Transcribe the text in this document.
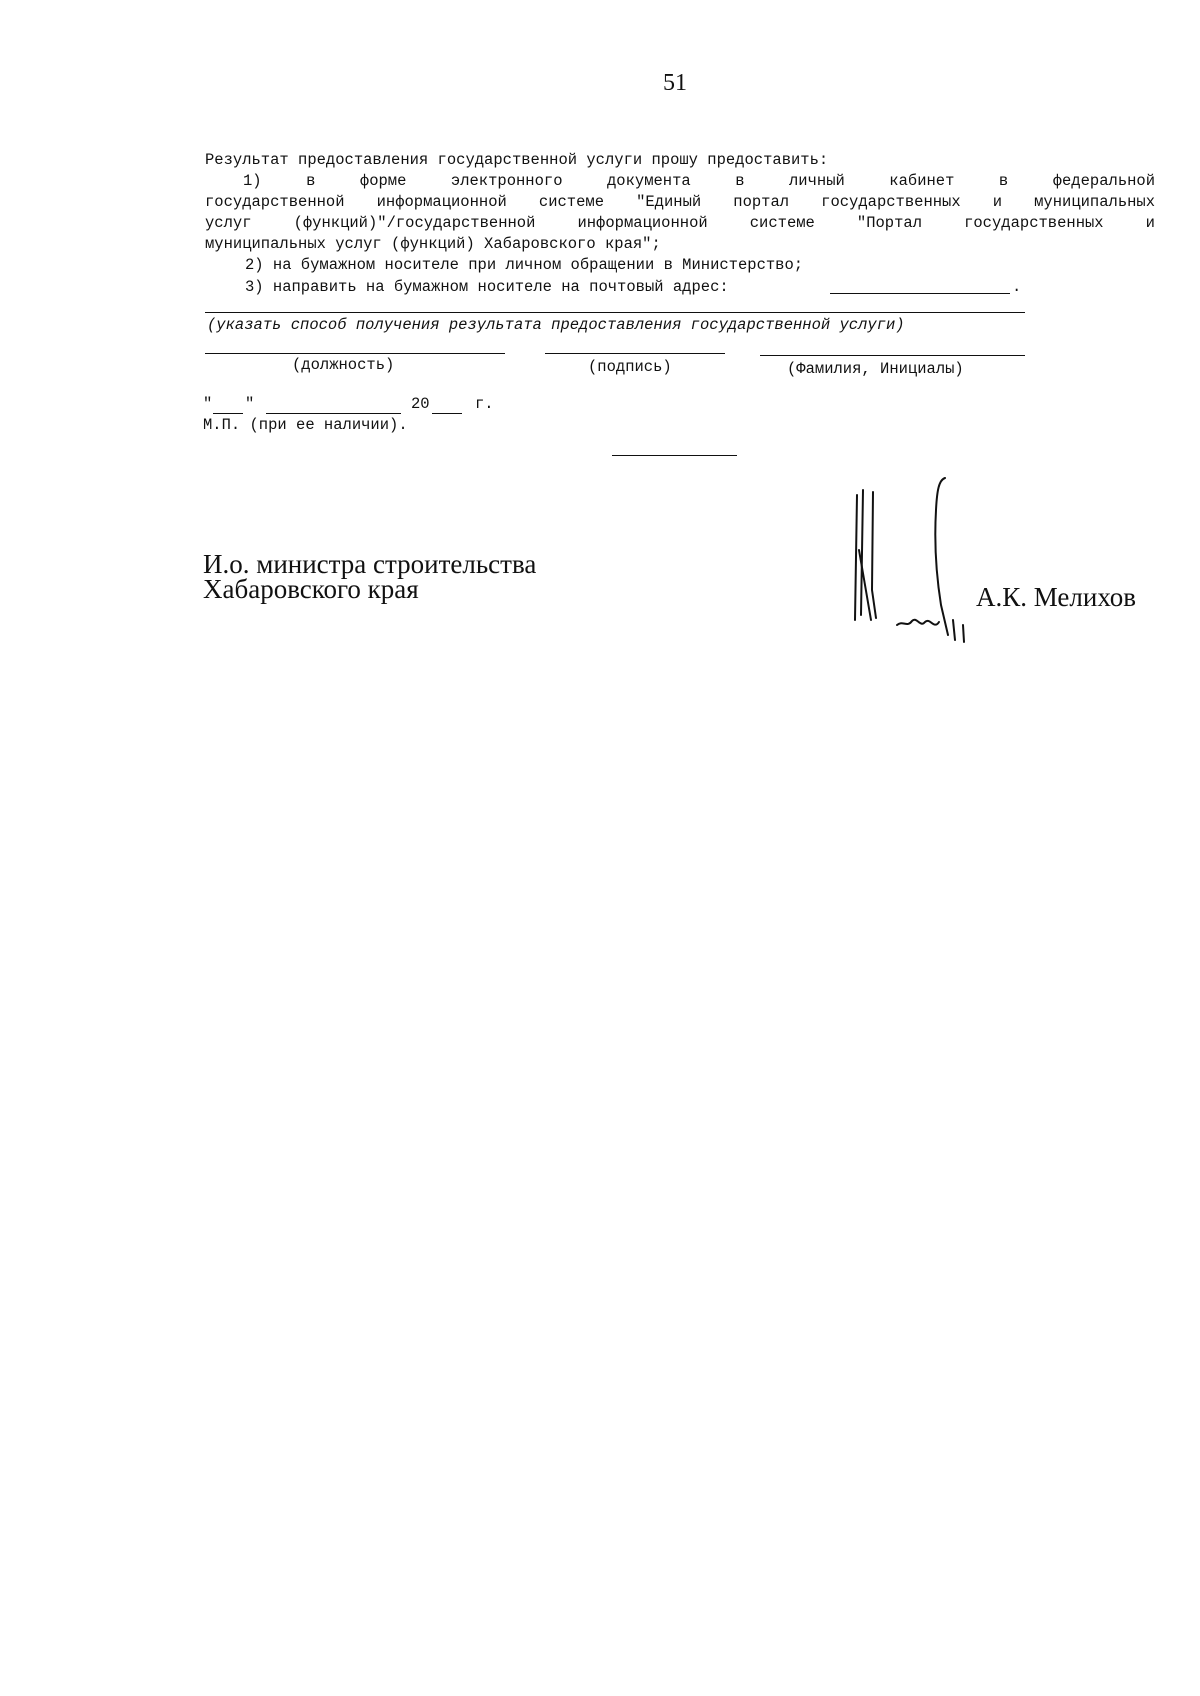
51
Результат предоставления государственной услуги прошу предоставить:
1)	в	форме	электронного	документа	в	личный	кабинет	в	федеральной
государственной информационной системе "Единый портал государственных и муниципальных
услуг	(функций)"/государственной	информационной	системе	"Портал	государственных	и
муниципальных услуг (функций) Хабаровского края";
2) на бумажном носителе при личном обращении в Министерство;
3) направить на бумажном носителе на почтовый адрес:	.
(указать способ получения результата предоставления государственной услуги)
(должность)	(подпись)	(Фамилия, Инициалы)
" "	20	г.
М.П. (при ее наличии).
И.о. министра строительства
Хабаровского края	А.К. Мелихов
